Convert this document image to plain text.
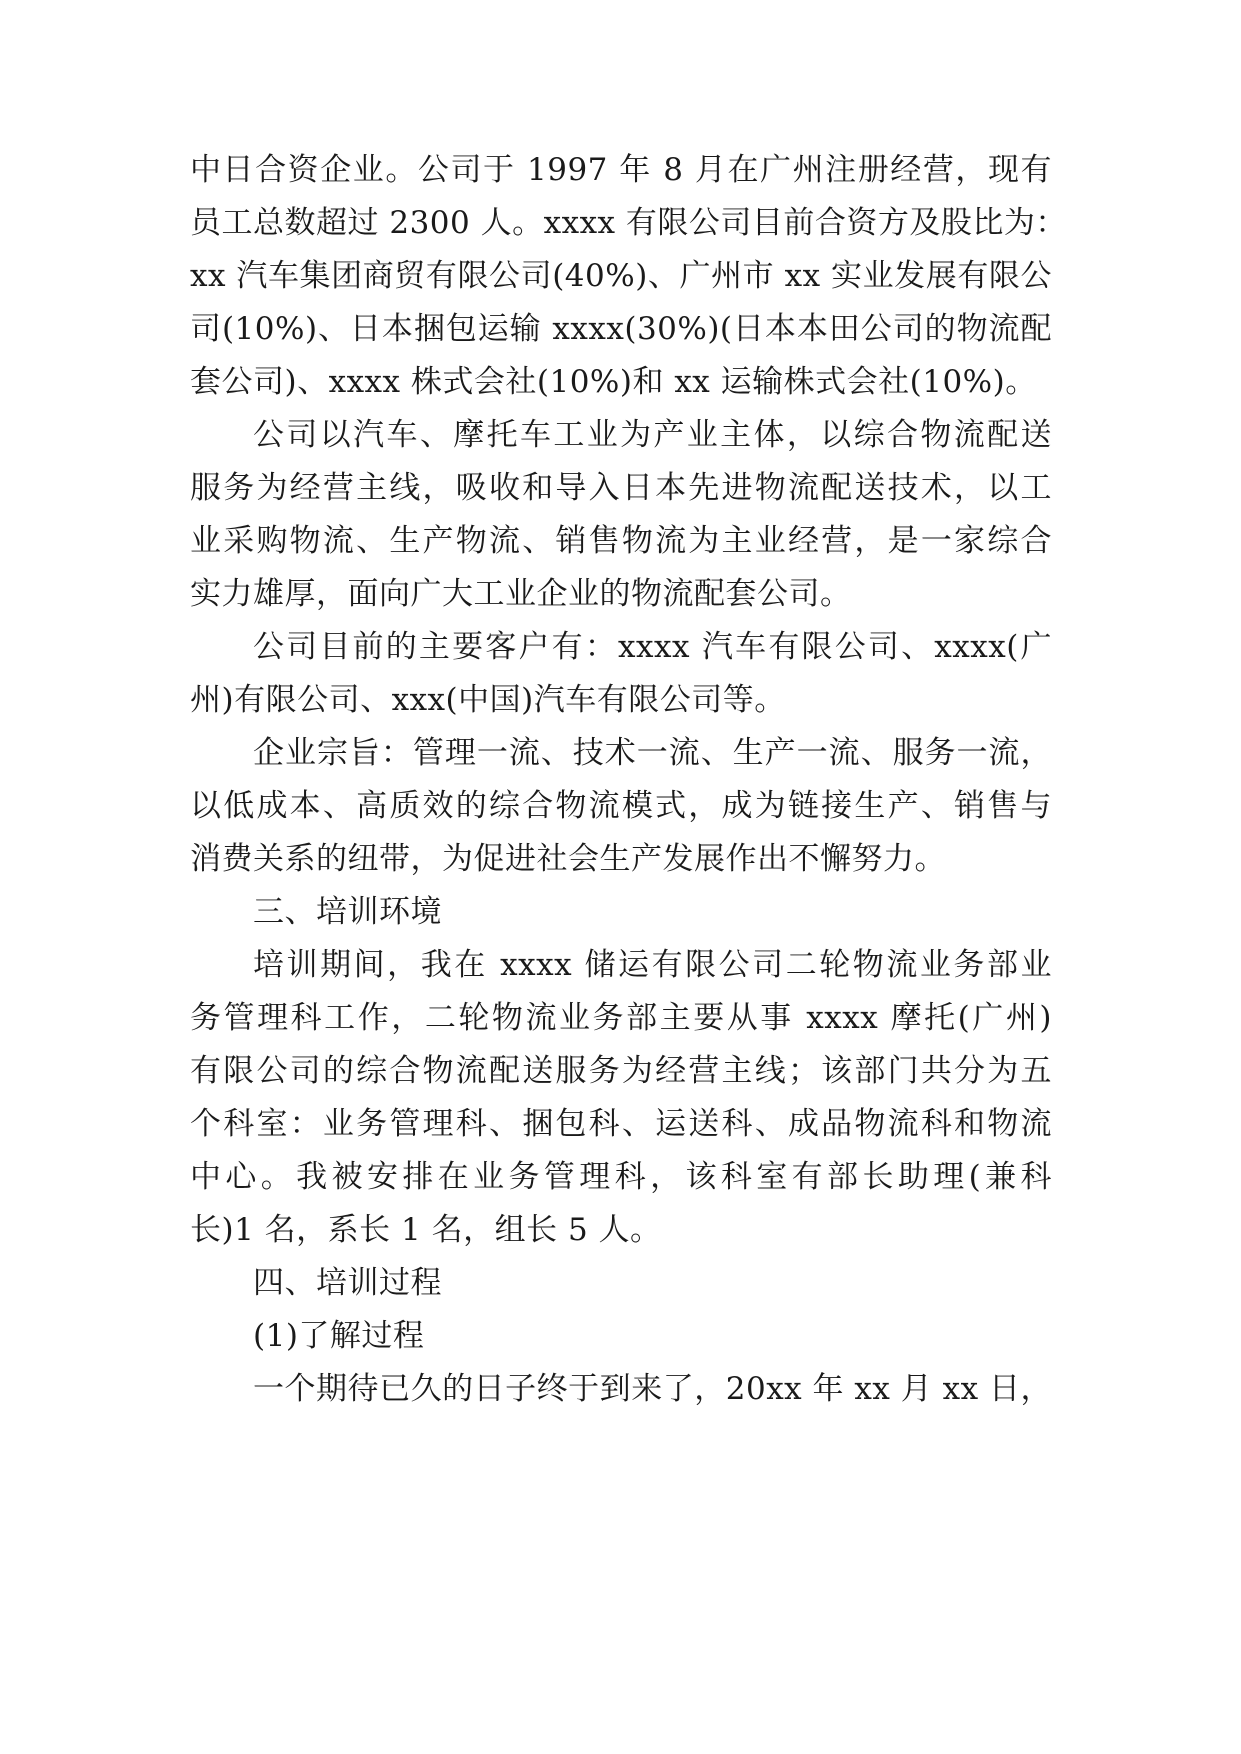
中日合资企业。公司于 1997 年 8 月在广州注册经营，现有
员工总数超过 2300 人。xxxx 有限公司目前合资方及股比为：
xx 汽车集团商贸有限公司(40%)、广州市 xx 实业发展有限公
司(10%)、日本捆包运输 xxxx(30%)(日本本田公司的物流配
套公司)、xxxx 株式会社(10%)和 xx 运输株式会社(10%)。
公司以汽车、摩托车工业为产业主体，以综合物流配送
服务为经营主线，吸收和导入日本先进物流配送技术，以工
业采购物流、生产物流、销售物流为主业经营，是一家综合
实力雄厚，面向广大工业企业的物流配套公司。
公司目前的主要客户有：xxxx 汽车有限公司、xxxx(广
州)有限公司、xxx(中国)汽车有限公司等。
企业宗旨：管理一流、技术一流、生产一流、服务一流，
以低成本、高质效的综合物流模式，成为链接生产、销售与
消费关系的纽带，为促进社会生产发展作出不懈努力。
三、培训环境
培训期间，我在 xxxx 储运有限公司二轮物流业务部业
务管理科工作，二轮物流业务部主要从事 xxxx 摩托(广州)
有限公司的综合物流配送服务为经营主线；该部门共分为五
个科室：业务管理科、捆包科、运送科、成品物流科和物流
中心。我被安排在业务管理科，该科室有部长助理(兼科
长)1 名，系长 1 名，组长 5 人。
四、培训过程
(1)了解过程
一个期待已久的日子终于到来了，20xx 年 xx 月 xx 日，
